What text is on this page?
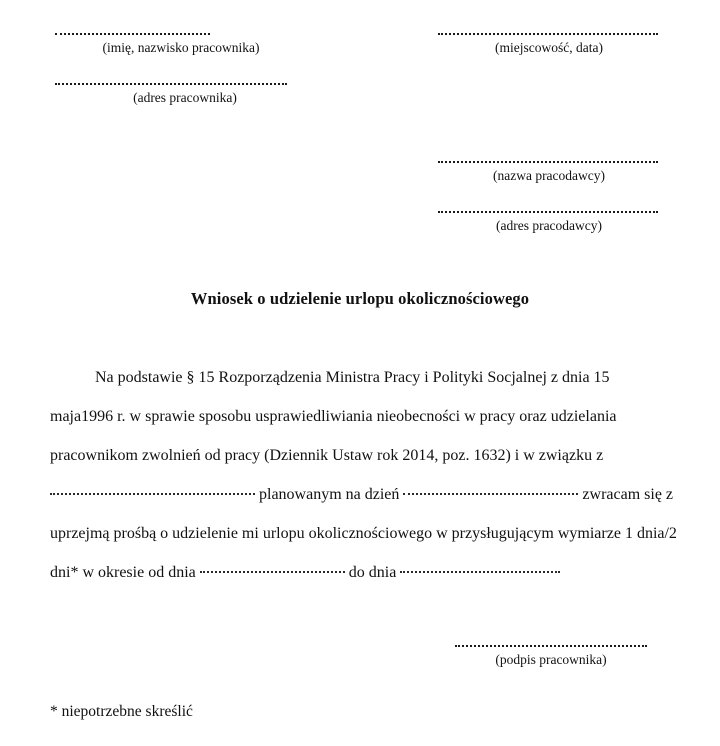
(imię, nazwisko pracownika)	(miejscowość, data)
(adres pracownika)
(nazwa pracodawcy)
(adres pracodawcy)
Wniosek o udzielenie urlopu okolicznościowego
Na podstawie § 15 Rozporządzenia Ministra Pracy i Polityki Socjalnej z dnia 15
maja1996 r. w sprawie sposobu usprawiedliwiania nieobecności w pracy oraz udzielania
pracownikom zwolnień od pracy (Dziennik Ustaw rok 2014, poz. 1632) i w związku z
planowanym na dzień	zwracam się z
uprzejmą prośbą o udzielenie mi urlopu okolicznościowego w przysługującym wymiarze 1 dnia/2
dni* w okresie od dnia	do dnia
(podpis pracownika)
* niepotrzebne skreślić
